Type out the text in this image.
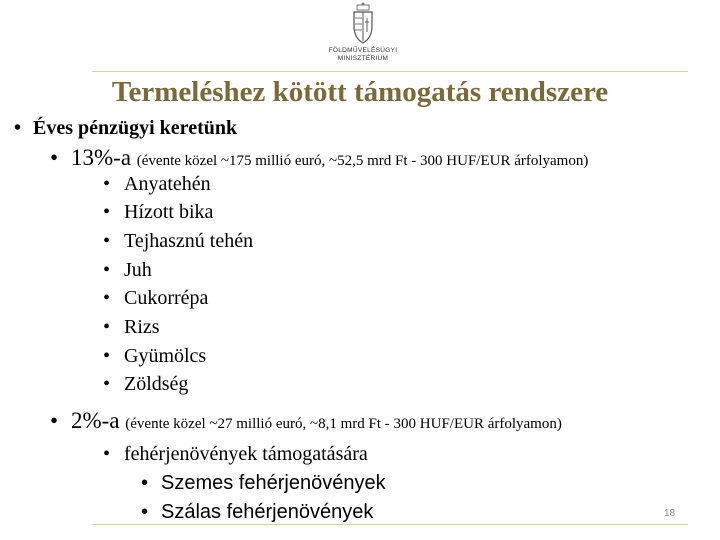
FÖLDMŰVELÉSÜGYI
MINISZTÉRIUM
Termeléshez kötött támogatás rendszere
• Éves pénzügyi keretünk
• 13%-a (évente közel ~175 millió euró, ~52,5 mrd Ft - 300 HUF/EUR árfolyamon)
• Anyatehén
• Hízott bika
• Tejhasznú tehén
• Juh
• Cukorrépa
• Rizs
• Gyümölcs
• Zöldség
• 2%-a (évente közel ~27 millió euró, ~8,1 mrd Ft - 300 HUF/EUR árfolyamon)
• fehérjenövények támogatására
• Szemes fehérjenövények
• Szálas fehérjenövények	18
